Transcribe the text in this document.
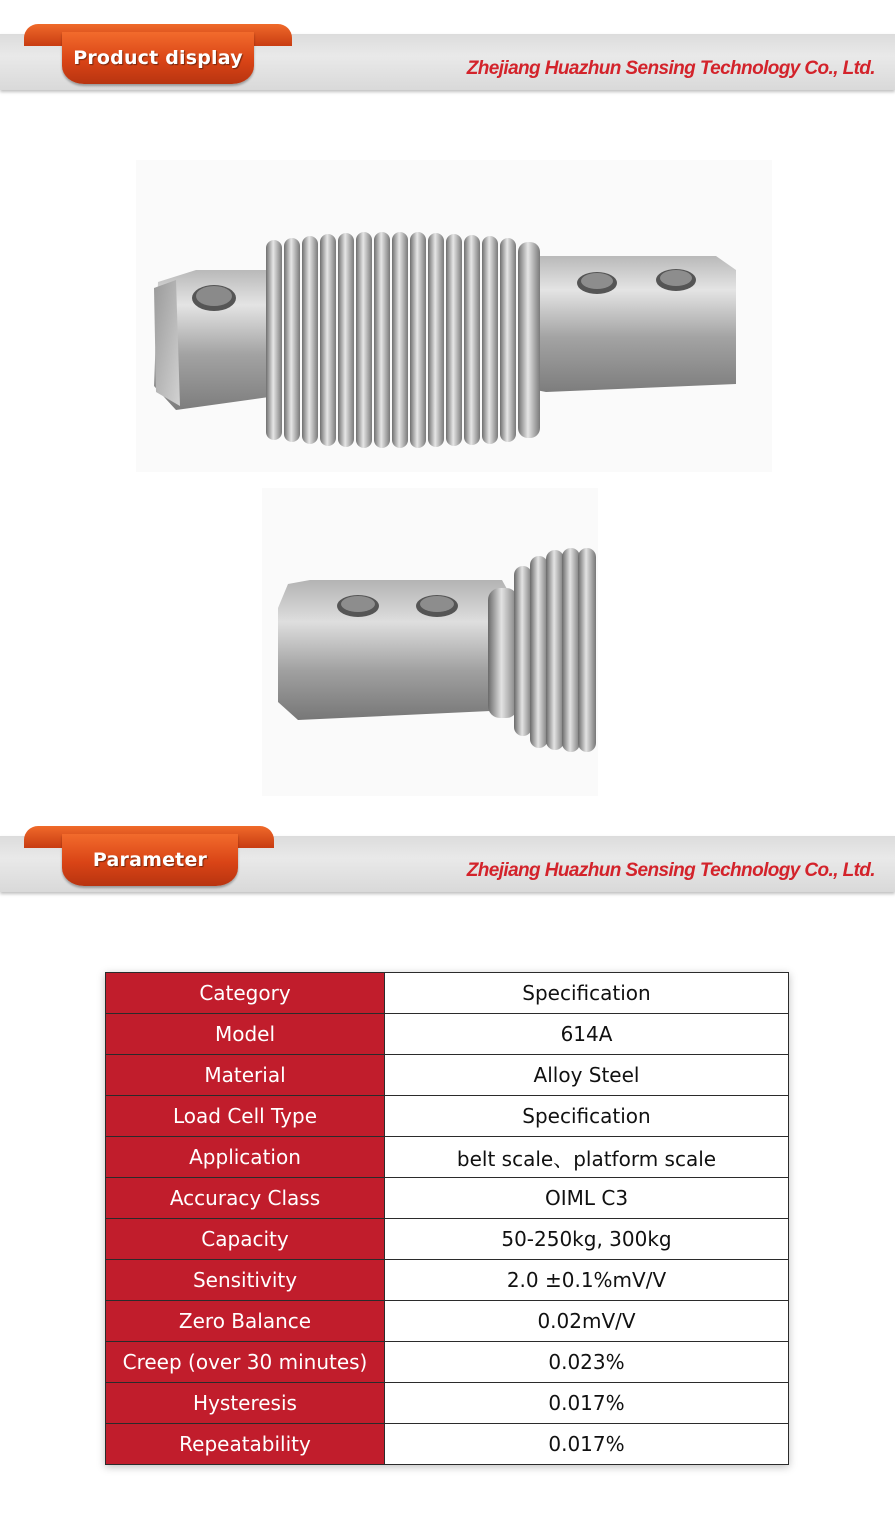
Product display	Zhejiang Huazhun Sensing Technology Co., Ltd.
Parameter	Zhejiang Huazhun Sensing Technology Co., Ltd.
Category	Specification
Model	614A
Material	Alloy Steel
Load Cell Type	Specification
Application	belt scale、platform scale
Accuracy Class	OIML C3
Capacity	50-250kg, 300kg
Sensitivity	2.0 ±0.1%mV/V
Zero Balance	0.02mV/V
Creep (over 30 minutes)	0.023%
Hysteresis	0.017%
Repeatability	0.017%
